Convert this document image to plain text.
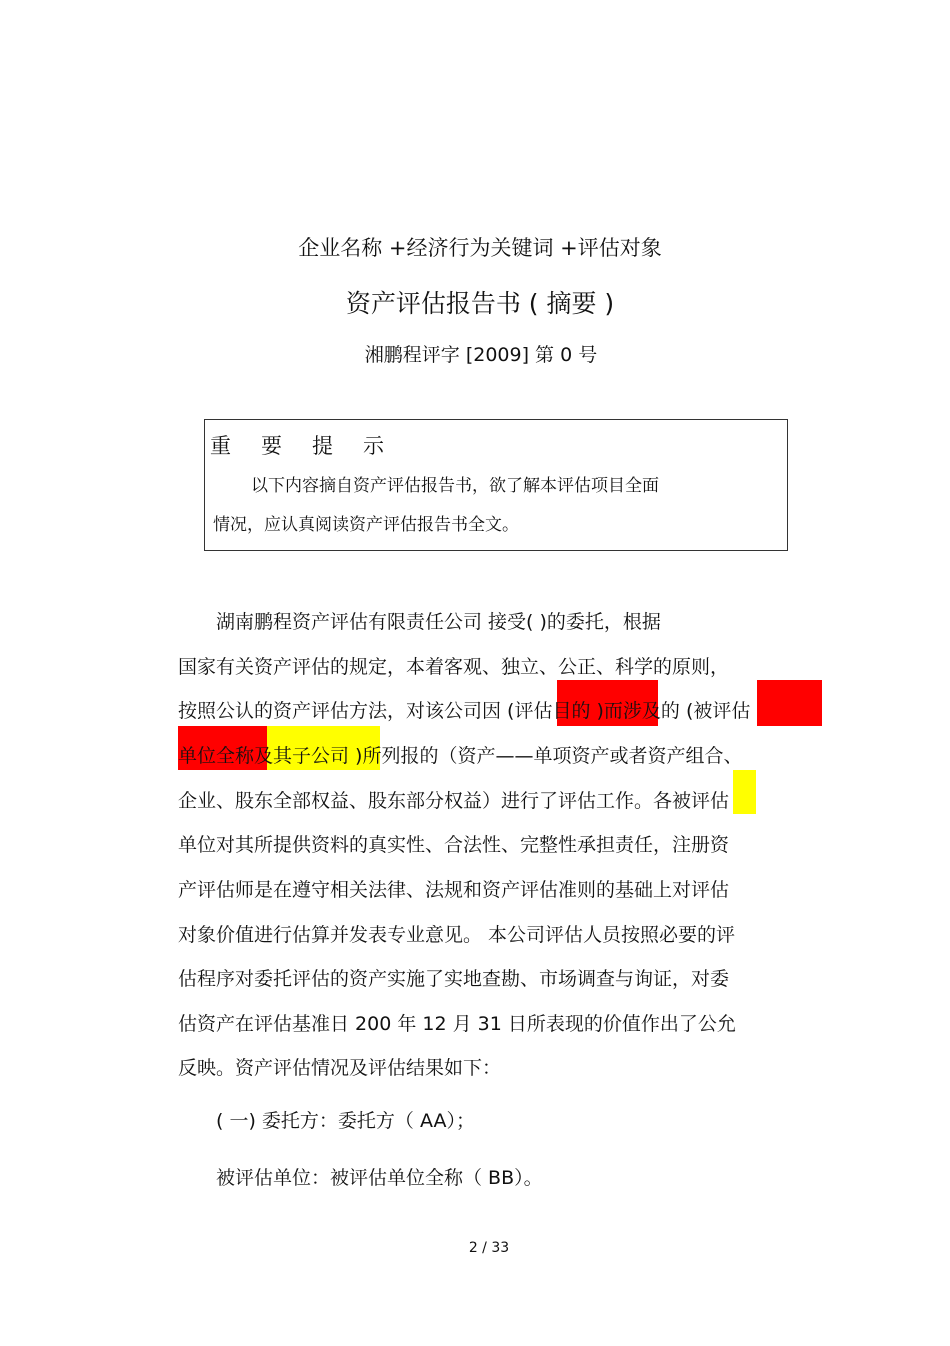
企业名称 +经济行为关键词 +评估对象
资产评估报告书 ( 摘要 )
湘鹏程评字 [2009] 第 0 号
重要提示
以下内容摘自资产评估报告书，欲了解本评估项目全面
情况，应认真阅读资产评估报告书全文。
湖南鹏程资产评估有限责任公司 接受( )的委托，根据
国家有关资产评估的规定，本着客观、独立、公正、科学的原则，
按照公认的资产评估方法，对该公司因 (评估目的 )而涉及的 (被评估
单位全称及其子公司 )所列报的（资产——单项资产或者资产组合、
企业、股东全部权益、股东部分权益）进行了评估工作。各被评估
单位对其所提供资料的真实性、合法性、完整性承担责任，注册资
产评估师是在遵守相关法律、法规和资产评估准则的基础上对评估
对象价值进行估算并发表专业意见。 本公司评估人员按照必要的评
估程序对委托评估的资产实施了实地查勘、市场调查与询证，对委
估资产在评估基准日 200 年 12 月 31 日所表现的价值作出了公允
反映。资产评估情况及评估结果如下：
( 一) 委托方：委托方（ AA）；
被评估单位：被评估单位全称（ BB）。
2 / 33
